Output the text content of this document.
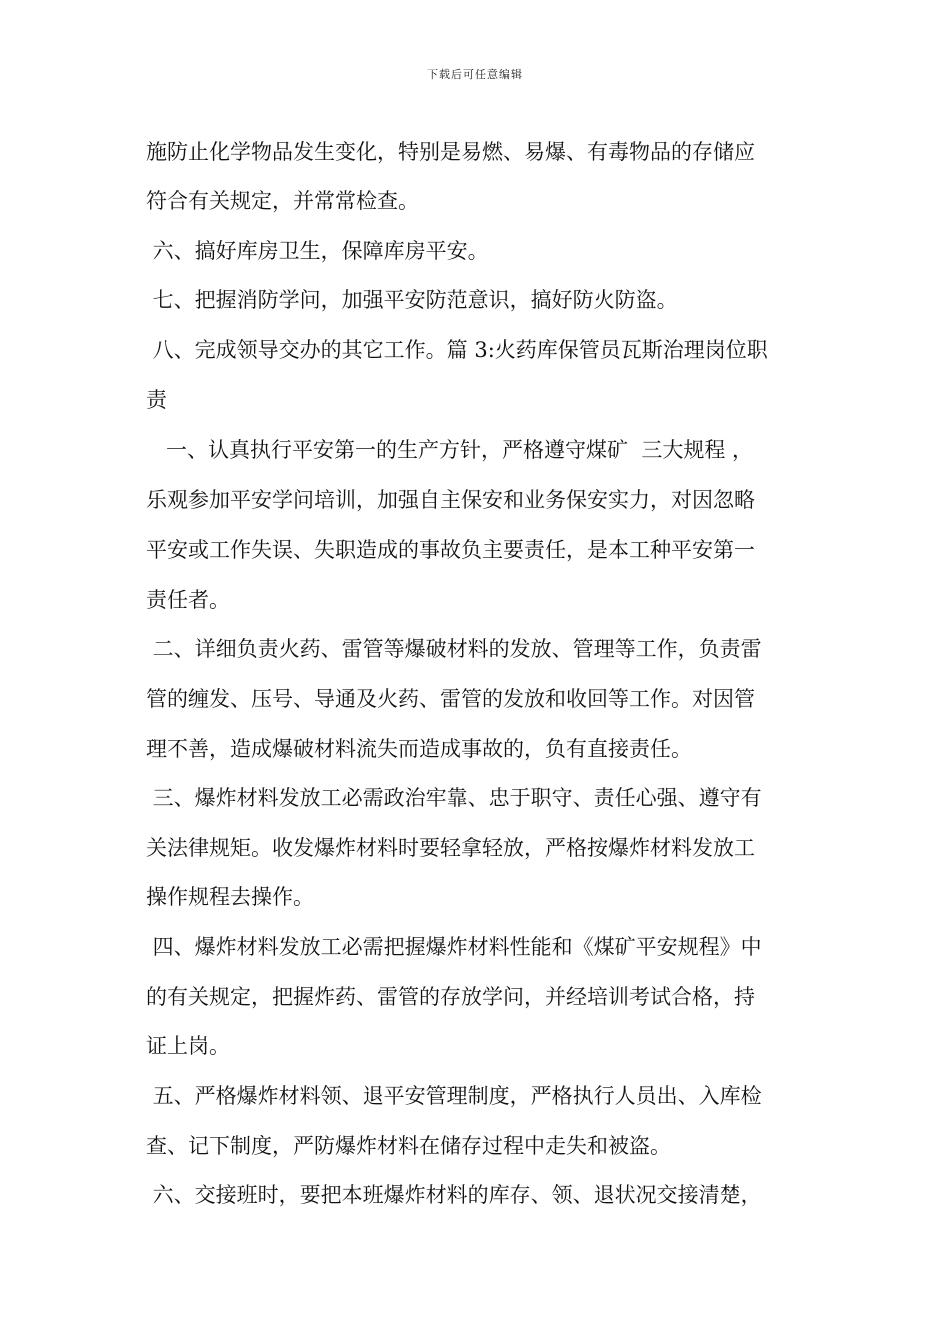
下载后可任意编辑
施防止化学物品发生变化，特别是易燃、易爆、有毒物品的存储应
符合有关规定，并常常检查。
六、搞好库房卫生，保障库房平安。
七、把握消防学问，加强平安防范意识，搞好防火防盗。
八、完成领导交办的其它工作。篇 3:火药库保管员瓦斯治理岗位职
责
一、认真执行平安第一的生产方针，严格遵守煤矿  三大规程 ，
乐观参加平安学问培训，加强自主保安和业务保安实力，对因忽略
平安或工作失误、失职造成的事故负主要责任，是本工种平安第一
责任者。
二、详细负责火药、雷管等爆破材料的发放、管理等工作，负责雷
管的缠发、压号、导通及火药、雷管的发放和收回等工作。对因管
理不善，造成爆破材料流失而造成事故的，负有直接责任。
三、爆炸材料发放工必需政治牢靠、忠于职守、责任心强、遵守有
关法律规矩。收发爆炸材料时要轻拿轻放，严格按爆炸材料发放工
操作规程去操作。
四、爆炸材料发放工必需把握爆炸材料性能和《煤矿平安规程》中
的有关规定，把握炸药、雷管的存放学问，并经培训考试合格，持
证上岗。
五、严格爆炸材料领、退平安管理制度，严格执行人员出、入库检
查、记下制度，严防爆炸材料在储存过程中走失和被盗。
六、交接班时，要把本班爆炸材料的库存、领、退状况交接清楚，
